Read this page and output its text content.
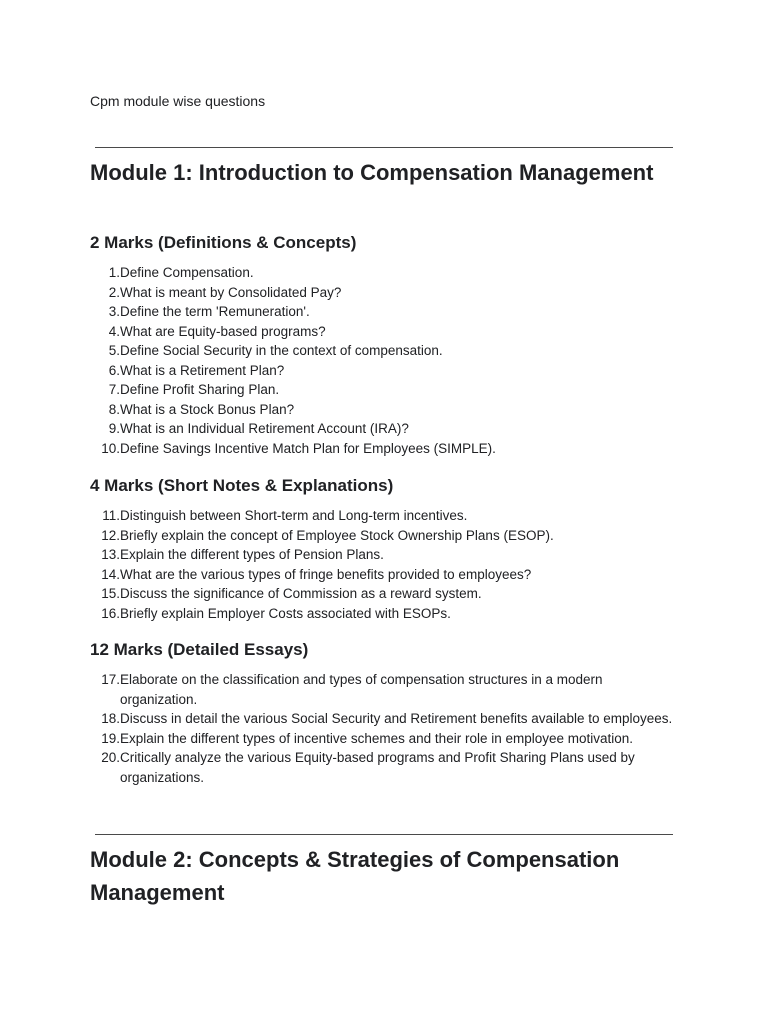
Cpm module wise questions
Module 1: Introduction to Compensation Management
2 Marks (Definitions & Concepts)
1. Define Compensation.
2. What is meant by Consolidated Pay?
3. Define the term 'Remuneration'.
4. What are Equity-based programs?
5. Define Social Security in the context of compensation.
6. What is a Retirement Plan?
7. Define Profit Sharing Plan.
8. What is a Stock Bonus Plan?
9. What is an Individual Retirement Account (IRA)?
10. Define Savings Incentive Match Plan for Employees (SIMPLE).
4 Marks (Short Notes & Explanations)
11. Distinguish between Short-term and Long-term incentives.
12. Briefly explain the concept of Employee Stock Ownership Plans (ESOP).
13. Explain the different types of Pension Plans.
14. What are the various types of fringe benefits provided to employees?
15. Discuss the significance of Commission as a reward system.
16. Briefly explain Employer Costs associated with ESOPs.
12 Marks (Detailed Essays)
17. Elaborate on the classification and types of compensation structures in a modern organization.
18. Discuss in detail the various Social Security and Retirement benefits available to employees.
19. Explain the different types of incentive schemes and their role in employee motivation.
20. Critically analyze the various Equity-based programs and Profit Sharing Plans used by organizations.
Module 2: Concepts & Strategies of Compensation Management
